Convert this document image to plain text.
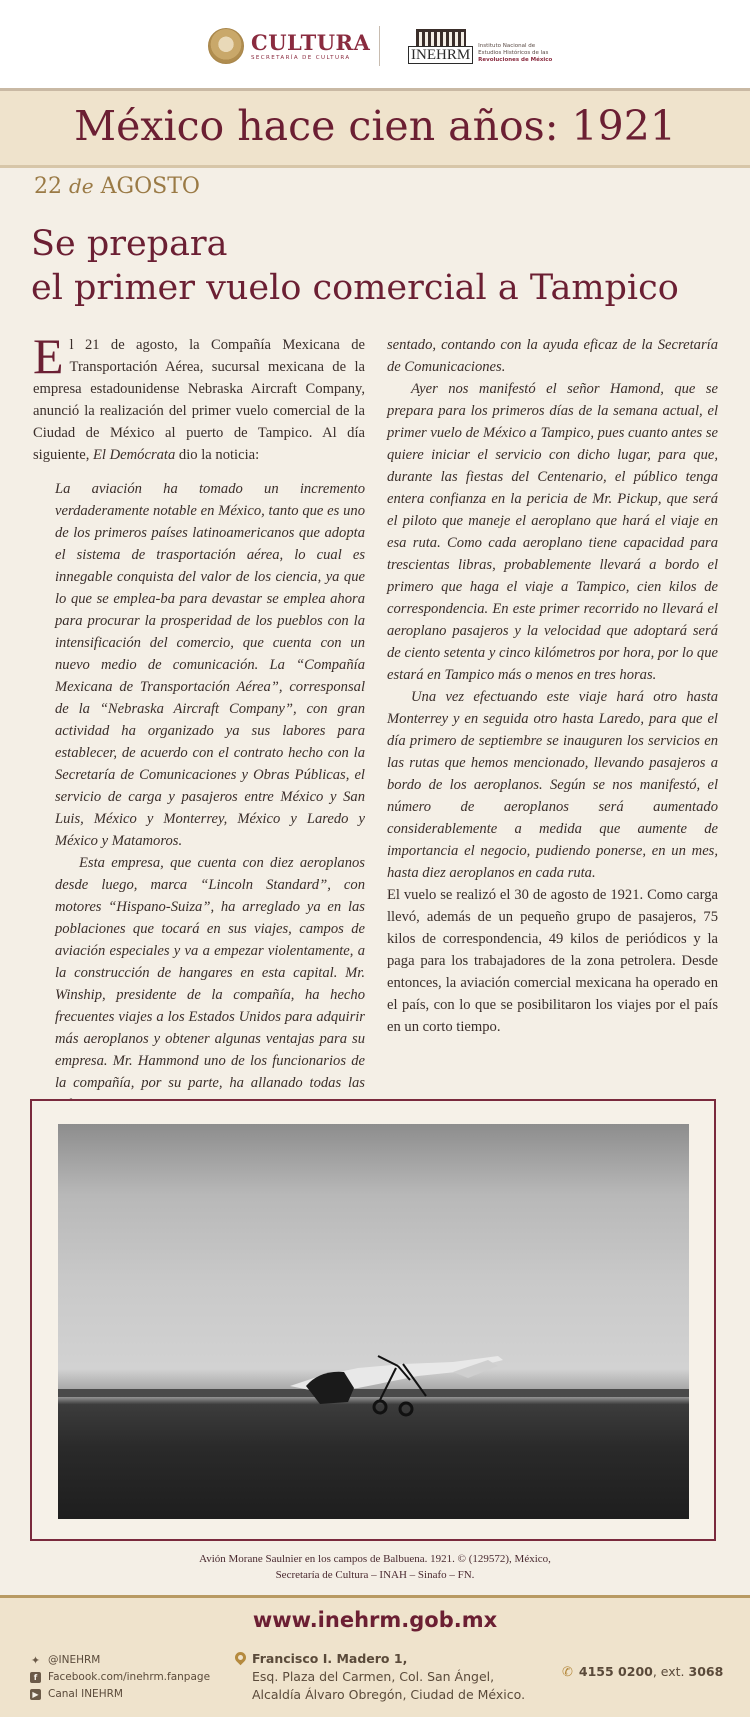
CULTURA
SECRETARÍA DE CULTURA	INEHRM
Instituto Nacional de
Estudios Históricos de las
Revoluciones de México
México hace cien años: 1921
22 de AGOSTO
Se prepara
el primer vuelo comercial a Tampico

El 21 de agosto, la Compañía Mexicana de Transportación Aérea, sucursal mexicana de la empresa estadounidense Nebraska Aircraft Company, anunció la realización del primer vuelo comercial de la Ciudad de México al puerto de Tampico. Al día siguiente, El Demócrata dio la noticia:

La aviación ha tomado un incremento verdaderamente notable en México, tanto que es uno de los primeros países latinoamericanos que adopta el sistema de trasportación aérea, lo cual es innegable conquista del valor de los ciencia, ya que lo que se emplea-ba para devastar se emplea ahora para procurar la prosperidad de los pueblos con la intensificación del comercio, que cuenta con un nuevo medio de comunicación. La “Compañía Mexicana de Transportación Aérea”, corresponsal de la “Nebraska Aircraft Company”, con gran actividad ha organizado ya sus labores para establecer, de acuerdo con el contrato hecho con la Secretaría de Comunicaciones y Obras Públicas, el servicio de carga y pasajeros entre México y San Luis, México y Monterrey, México y Laredo y México y Matamoros.

Esta empresa, que cuenta con diez aeroplanos desde luego, marca “Lincoln Standard”, con motores “Hispano-Suiza”, ha arreglado ya en las poblaciones que tocará en sus viajes, campos de aviación especiales y va a empezar violentamente, a la construcción de hangares en esta capital. Mr. Winship, presidente de la compañía, ha hecho frecuentes viajes a los Estados Unidos para adquirir más aeroplanos y obtener algunas ventajas para su empresa. Mr. Hammond uno de los funcionarios de la compañía, por su parte, ha allanado todas las

sentado, contando con la ayuda eficaz de la Secretaría de Comunicaciones.

Ayer nos manifestó el señor Hamond, que se prepara para los primeros días de la semana actual, el primer vuelo de México a Tampico, pues cuanto antes se quiere iniciar el servicio con dicho lugar, para que, durante las fiestas del Centenario, el público tenga entera confianza en la pericia de Mr. Pickup, que será el piloto que maneje el aeroplano que hará el viaje en esa ruta. Como cada aeroplano tiene capacidad para trescientas libras, probablemente llevará a bordo el primero que haga el viaje a Tampico, cien kilos de correspondencia. En este primer recorrido no llevará el aeroplano pasajeros y la velocidad que adoptará será de ciento setenta y cinco kilómetros por hora, por lo que estará en Tampico más o menos en tres horas.

Una vez efectuando este viaje hará otro hasta Monterrey y en seguida otro hasta Laredo, para que el día primero de septiembre se inauguren los servicios en las rutas que hemos mencionado, llevando pasajeros a bordo de los aeroplanos. Según se nos manifestó, el número de aeroplanos será aumentado considerablemente a medida que aumente de importancia el negocio, pudiendo ponerse, en un mes, hasta diez aeroplanos en cada ruta.

El vuelo se realizó el 30 de agosto de 1921. Como carga llevó, además de un pequeño grupo de pasajeros, 75 kilos de correspondencia, 49 kilos de periódicos y la paga para los trabajadores de la zona petrolera. Desde entonces, la aviación comercial mexicana ha operado en el país, con lo que se posibilitaron los viajes por el país en un corto tiempo.

Avión Morane Saulnier en los campos de Balbuena. 1921. © (129572), México,
Secretaría de Cultura – INAH – Sinafo – FN.
www.inehrm.gob.mx
✦ @INEHRM
f	Facebook.com/inehrm.fanpage
▶ Canal INEHRM
Francisco I. Madero 1,
Esq. Plaza del Carmen, Col. San Ángel,
Alcaldía Álvaro Obregón, Ciudad de México.
✆ 4155 0200, ext. 3068
